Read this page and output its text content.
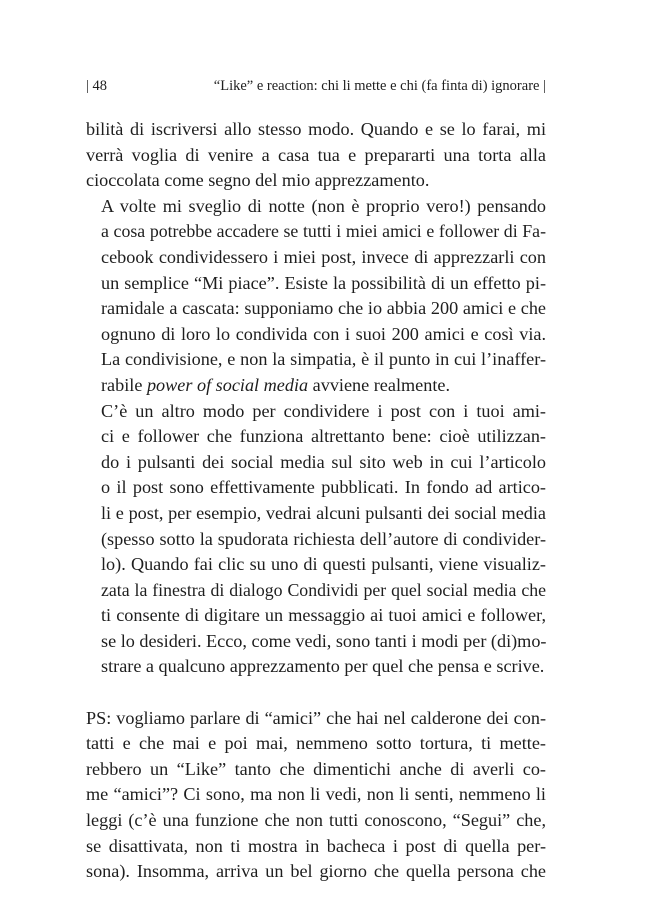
| 48	“Like” e reaction: chi li mette e chi (fa finta di) ignorare |

bilità di iscriversi allo stesso modo. Quando e se lo farai, mi
verrà voglia di venire a casa tua e prepararti una torta alla
cioccolata come segno del mio apprezzamento.

A volte mi sveglio di notte (non è proprio vero!) pensando
a cosa potrebbe accadere se tutti i miei amici e follower di Fa-
cebook condividessero i miei post, invece di apprezzarli con
un semplice “Mi piace”. Esiste la possibilità di un effetto pi-
ramidale a cascata: supponiamo che io abbia 200 amici e che
ognuno di loro lo condivida con i suoi 200 amici e così via.
La condivisione, e non la simpatia, è il punto in cui l’inaffer-
rabile power of social media avviene realmente.

C’è un altro modo per condividere i post con i tuoi ami-
ci e follower che funziona altrettanto bene: cioè utilizzan-
do i pulsanti dei social media sul sito web in cui l’articolo
o il post sono effettivamente pubblicati. In fondo ad artico-
li e post, per esempio, vedrai alcuni pulsanti dei social media
(spesso sotto la spudorata richiesta dell’autore di condivider-
lo). Quando fai clic su uno di questi pulsanti, viene visualiz-
zata la finestra di dialogo Condividi per quel social media che
ti consente di digitare un messaggio ai tuoi amici e follower,
se lo desideri. Ecco, come vedi, sono tanti i modi per (di)mo-
strare a qualcuno apprezzamento per quel che pensa e scrive.

PS: vogliamo parlare di “amici” che hai nel calderone dei con-
tatti e che mai e poi mai, nemmeno sotto tortura, ti mette-
rebbero un “Like” tanto che dimentichi anche di averli co-
me “amici”? Ci sono, ma non li vedi, non li senti, nemmeno li
leggi (c’è una funzione che non tutti conoscono, “Segui” che,
se disattivata, non ti mostra in bacheca i post di quella per-
sona). Insomma, arriva un bel giorno che quella persona che
